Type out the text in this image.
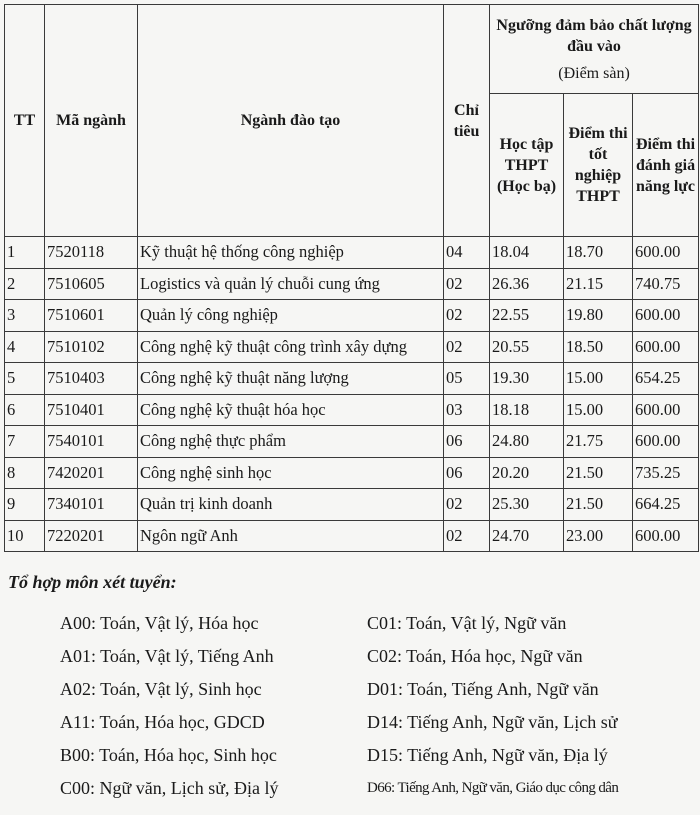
TT	Mã ngành	Ngành đào tạo	Chỉ tiêu	Ngưỡng đảm bảo chất lượng đầu vào
(Điểm sàn)		

				Học tập THPT (Học bạ)	Điểm thi tốt nghiệp THPT	Điểm thi đánh giá năng lực
1	7520118	Kỹ thuật hệ thống công nghiệp	04	18.04	18.70	600.00
2	7510605	Logistics và quản lý chuỗi cung ứng	02	26.36	21.15	740.75
3	7510601	Quản lý công nghiệp	02	22.55	19.80	600.00
4	7510102	Công nghệ kỹ thuật công trình xây dựng	02	20.55	18.50	600.00
5	7510403	Công nghệ kỹ thuật năng lượng	05	19.30	15.00	654.25
6	7510401	Công nghệ kỹ thuật hóa học	03	18.18	15.00	600.00
7	7540101	Công nghệ thực phẩm	06	24.80	21.75	600.00
8	7420201	Công nghệ sinh học	06	20.20	21.50	735.25
9	7340101	Quản trị kinh doanh	02	25.30	21.50	664.25
10	7220201	Ngôn ngữ Anh	02	24.70	23.00	600.00
Tổ hợp môn xét tuyển:
A00: Toán, Vật lý, Hóa học
A01: Toán, Vật lý, Tiếng Anh
A02: Toán, Vật lý, Sinh học
A11: Toán, Hóa học, GDCD
B00: Toán, Hóa học, Sinh học
C00: Ngữ văn, Lịch sử, Địa lý
C01: Toán, Vật lý, Ngữ văn
C02: Toán, Hóa học, Ngữ văn
D01: Toán, Tiếng Anh, Ngữ văn
D14: Tiếng Anh, Ngữ văn, Lịch sử
D15: Tiếng Anh, Ngữ văn, Địa lý
D66: Tiếng Anh, Ngữ văn, Giáo dục công dân
